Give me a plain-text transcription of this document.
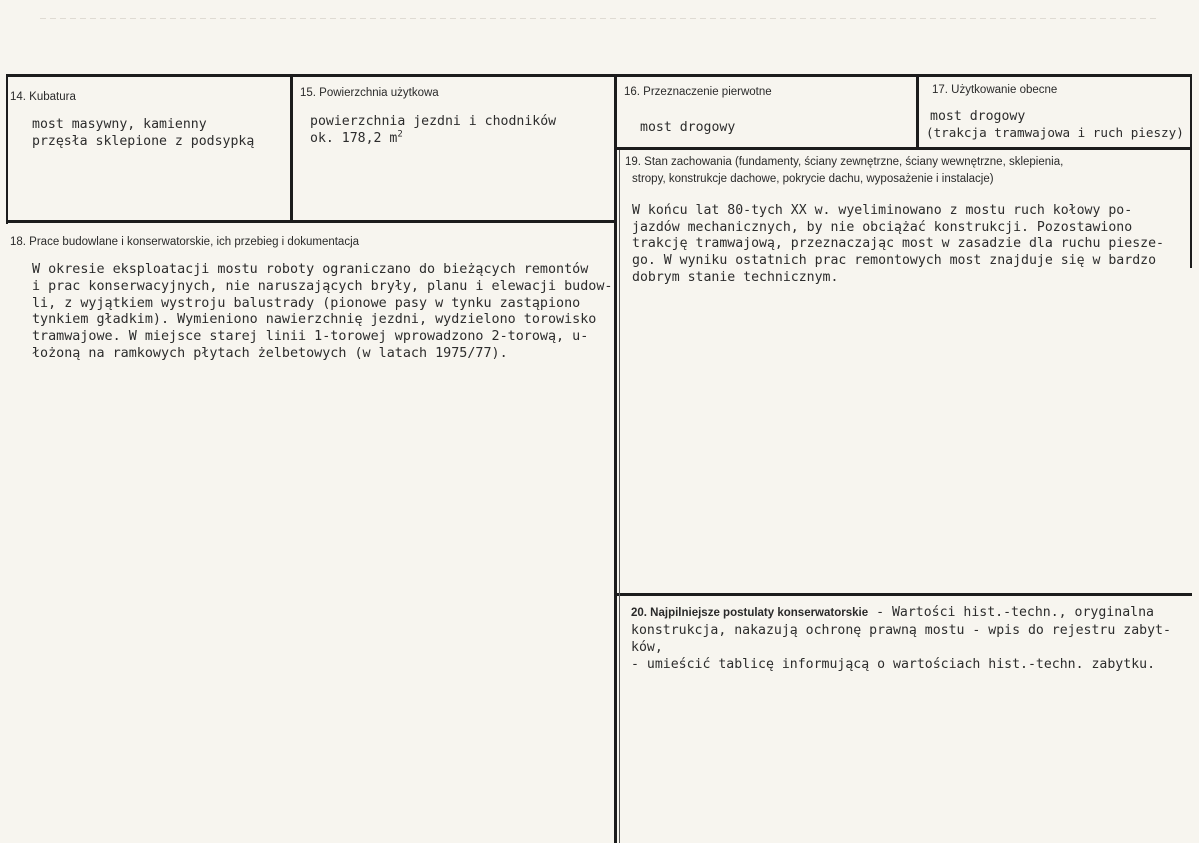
14. Kubatura
most masywny, kamienny
przęsła sklepione z podsypką
15. Powierzchnia użytkowa
powierzchnia jezdni i chodników
ok. 178,2 $m^2$
16. Przeznaczenie pierwotne
most drogowy
17. Użytkowanie obecne
most drogowy
(trakcja tramwajowa i ruch pieszy)
19. Stan zachowania (fundamenty, ściany zewnętrzne, ściany wewnętrzne, sklepienia,
stropy, konstrukcje dachowe, pokrycie dachu, wyposażenie i instalacje)
W końcu lat 80-tych XX w. wyeliminowano z mostu ruch kołowy po-
jazdów mechanicznych, by nie obciążać konstrukcji. Pozostawiono
trakcję tramwajową, przeznaczając most w zasadzie dla ruchu piesze-
go. W wyniku ostatnich prac remontowych most znajduje się w bardzo
dobrym stanie technicznym.
18. Prace budowlane i konserwatorskie, ich przebieg i dokumentacja
W okresie eksploatacji mostu roboty ograniczano do bieżących remontów
i prac konserwacyjnych, nie naruszających bryły, planu i elewacji budow-
li, z wyjątkiem wystroju balustrady (pionowe pasy w tynku zastąpiono
tynkiem gładkim). Wymieniono nawierzchnię jezdni, wydzielono torowisko
tramwajowe. W miejsce starej linii 1-torowej wprowadzono 2-torową, u-
łożoną na ramkowych płytach żelbetowych (w latach 1975/77).
20. Najpilniejsze postulaty konserwatorskie - Wartości hist.-techn., oryginalna
konstrukcja, nakazują ochronę prawną mostu - wpis do rejestru zabyt-
ków,
- umieścić tablicę informującą o wartościach hist.-techn. zabytku.
